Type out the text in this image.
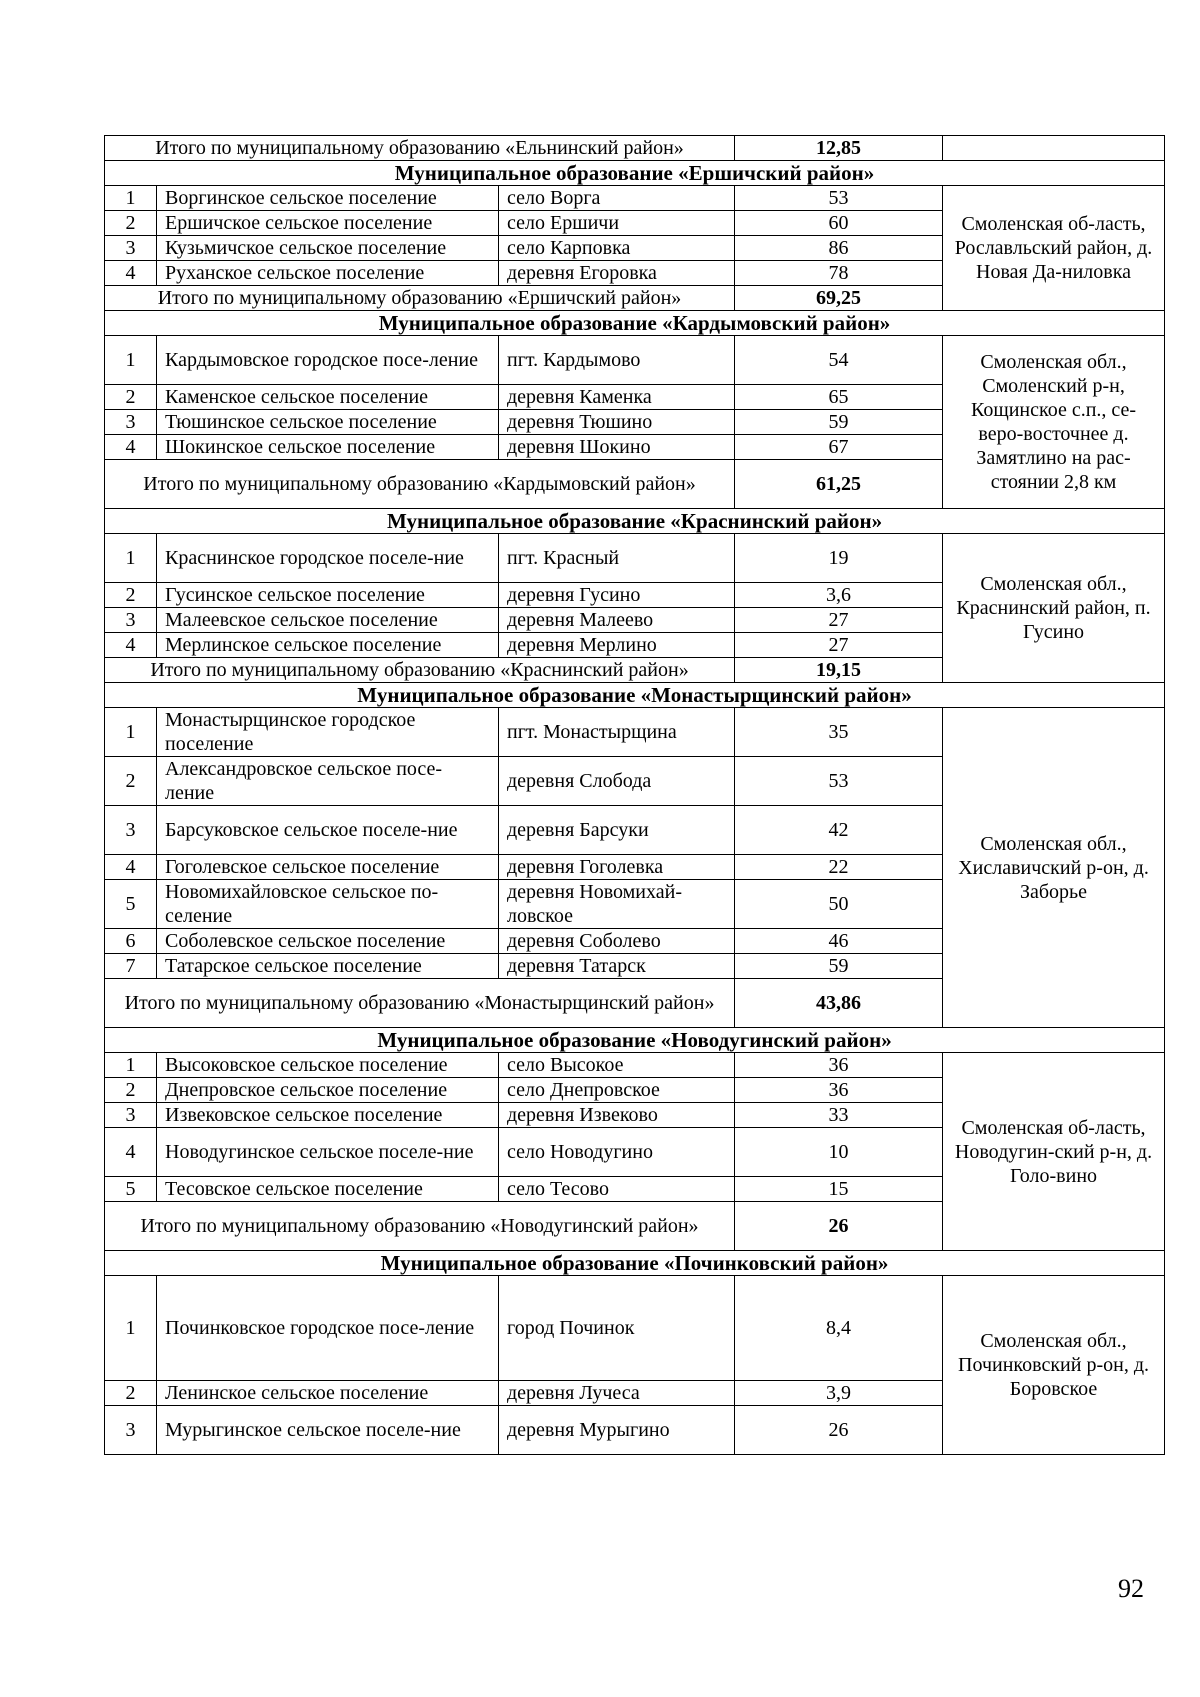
Итого по муниципальному образованию «Ельнинский район»			12,85	
Муниципальное образование «Ершичский район»				
1	Воргинское сельское поселение	село Ворга	53	Смоленская об-ласть, Рославльский район, д. Новая Да-ниловка
2	Ершичское сельское поселение	село Ершичи	60	
3	Кузьмичское сельское поселение	село Карповка	86	
4	Руханское сельское поселение	деревня Егоровка	78	
Итого по муниципальному образованию «Ершичский район»			69,25	
Муниципальное образование «Кардымовский район»				
1	Кардымовское городское посе-ление	пгт. Кардымово	54	Смоленская обл., Смоленский р-н, Кощинское с.п., се-веро-восточнее д. Замятлино на рас-стоянии 2,8 км
2	Каменское сельское поселение	деревня Каменка	65	
3	Тюшинское сельское поселение	деревня Тюшино	59	
4	Шокинское сельское поселение	деревня Шокино	67	
Итого по муниципальному образованию «Кардымовский район»			61,25	
Муниципальное образование «Краснинский район»				
1	Краснинское городское поселе-ние	пгт. Красный	19	Смоленская обл., Краснинский район, п. Гусино
2	Гусинское сельское поселение	деревня Гусино	3,6	
3	Малеевское сельское поселение	деревня Малеево	27	
4	Мерлинское сельское поселение	деревня Мерлино	27	
Итого по муниципальному образованию «Краснинский район»			19,15	
Муниципальное образование «Монастырщинский район»				
1	Монастырщинское городское поселение	пгт. Монастырщина	35	Смоленская обл., Хиславичский р-он, д. Заборье
2	Александровское сельское посе-ление	деревня Слобода	53	
3	Барсуковское сельское поселе-ние	деревня Барсуки	42	
4	Гоголевское сельское поселение	деревня Гоголевка	22	
5	Новомихайловское сельское по-селение	деревня Новомихай-ловское	50	
6	Соболевское сельское поселение	деревня Соболево	46	
7	Татарское сельское поселение	деревня Татарск	59	
Итого по муниципальному образованию «Монастырщинский район»			43,86	
Муниципальное образование «Новодугинский район»				
1	Высоковское сельское поселение	село Высокое	36	Смоленская об-ласть, Новодугин-ский р-н, д. Голо-вино
2	Днепровское сельское поселение	село Днепровское	36	
3	Извековское сельское поселение	деревня Извеково	33	
4	Новодугинское сельское поселе-ние	село Новодугино	10	
5	Тесовское сельское поселение	село Тесово	15	
Итого по муниципальному образованию «Новодугинский район»			26	
Муниципальное образование «Починковский район»				
1	Починковское городское посе-ление	город Починок	8,4	Смоленская обл., Починковский р-он, д. Боровское
2	Ленинское сельское поселение	деревня Лучеса	3,9	
3	Мурыгинское сельское поселе-ние	деревня Мурыгино	26	
92
